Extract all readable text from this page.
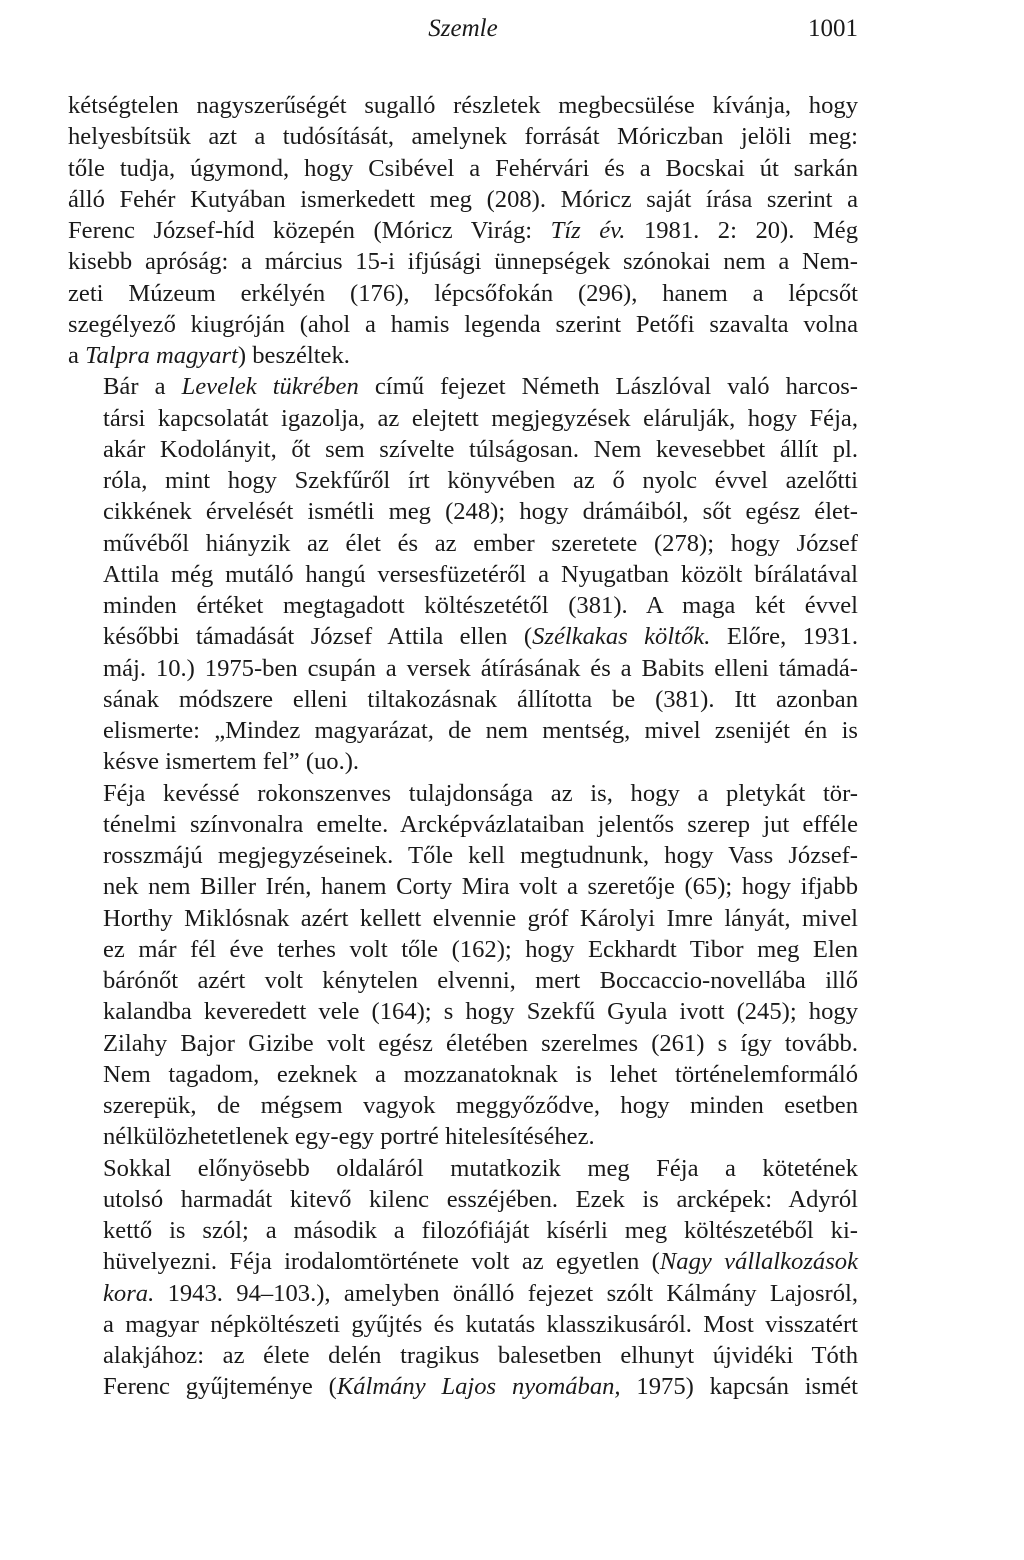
Szemle	1001

kétségtelen nagyszerűségét sugalló részletek megbecsülése kívánja, hogy
helyesbítsük azt a tudósítását, amelynek forrását Móriczban jelöli meg:
tőle tudja, úgymond, hogy Csibével a Fehérvári és a Bocskai út sarkán
álló Fehér Kutyában ismerkedett meg (208). Móricz saját írása szerint a
Ferenc József-híd közepén (Móricz Virág: Tíz év. 1981. 2: 20). Még
kisebb apróság: a március 15-i ifjúsági ünnepségek szónokai nem a Nem-
zeti Múzeum erkélyén (176), lépcsőfokán (296), hanem a lépcsőt
szegélyező kiugróján (ahol a hamis legenda szerint Petőfi szavalta volna
a Talpra magyart) beszéltek.

Bár a Levelek tükrében című fejezet Németh Lászlóval való harcos-
társi kapcsolatát igazolja, az elejtett megjegyzések elárulják, hogy Féja,
akár Kodolányit, őt sem szívelte túlságosan. Nem kevesebbet állít pl.
róla, mint hogy Szekfűről írt könyvében az ő nyolc évvel azelőtti
cikkének érvelését ismétli meg (248); hogy drámáiból, sőt egész élet-
művéből hiányzik az élet és az ember szeretete (278); hogy József
Attila még mutáló hangú versesfüzetéről a Nyugatban közölt bírálatával
minden értéket megtagadott költészetétől (381). A maga két évvel
későbbi támadását József Attila ellen (Szélkakas költők. Előre, 1931.
máj. 10.) 1975-ben csupán a versek átírásának és a Babits elleni támadá-
sának módszere elleni tiltakozásnak állította be (381). Itt azonban
elismerte: „Mindez magyarázat, de nem mentség, mivel zsenijét én is
késve ismertem fel” (uo.).

Féja kevéssé rokonszenves tulajdonsága az is, hogy a pletykát tör-
ténelmi színvonalra emelte. Arcképvázlataiban jelentős szerep jut efféle
rosszmájú megjegyzéseinek. Tőle kell megtudnunk, hogy Vass József-
nek nem Biller Irén, hanem Corty Mira volt a szeretője (65); hogy ifjabb
Horthy Miklósnak azért kellett elvennie gróf Károlyi Imre lányát, mivel
ez már fél éve terhes volt tőle (162); hogy Eckhardt Tibor meg Elen
bárónőt azért volt kénytelen elvenni, mert Boccaccio-novellába illő
kalandba keveredett vele (164); s hogy Szekfű Gyula ivott (245); hogy
Zilahy Bajor Gizibe volt egész életében szerelmes (261) s így tovább.
Nem tagadom, ezeknek a mozzanatoknak is lehet történelemformáló
szerepük, de mégsem vagyok meggyőződve, hogy minden esetben
nélkülözhetetlenek egy-egy portré hitelesítéséhez.

Sokkal előnyösebb oldaláról mutatkozik meg Féja a kötetének
utolsó harmadát kitevő kilenc esszéjében. Ezek is arcképek: Adyról
kettő is szól; a második a filozófiáját kísérli meg költészetéből ki-
hüvelyezni. Féja irodalomtörténete volt az egyetlen (Nagy vállalkozások
kora. 1943. 94–103.), amelyben önálló fejezet szólt Kálmány Lajosról,
a magyar népköltészeti gyűjtés és kutatás klasszikusáról. Most visszatért
alakjához: az élete delén tragikus balesetben elhunyt újvidéki Tóth
Ferenc gyűjteménye (Kálmány Lajos nyomában, 1975) kapcsán ismét
